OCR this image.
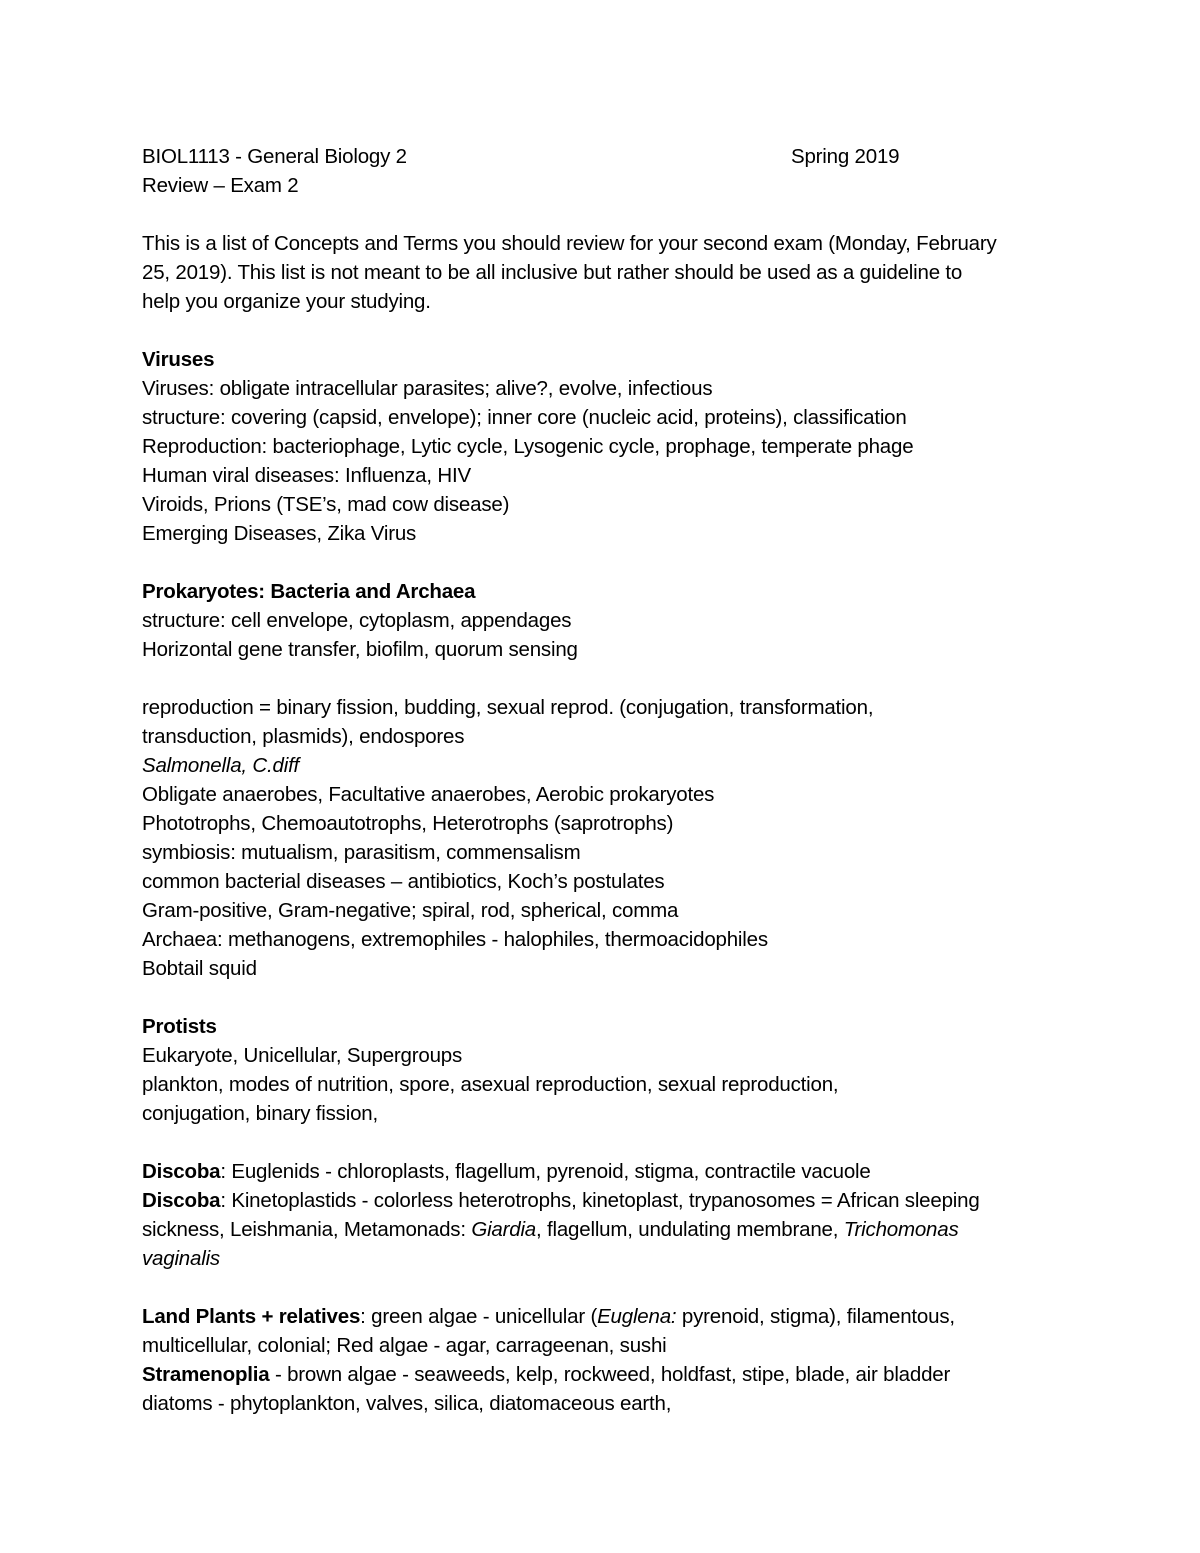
BIOL1113 - General Biology 2	Spring 2019
Review – Exam 2
This is a list of Concepts and Terms you should review for your second exam (Monday, February
25, 2019). This list is not meant to be all inclusive but rather should be used as a guideline to
help you organize your studying.
Viruses
Viruses: obligate intracellular parasites; alive?, evolve, infectious
structure: covering (capsid, envelope); inner core (nucleic acid, proteins), classification
Reproduction: bacteriophage, Lytic cycle, Lysogenic cycle, prophage, temperate phage
Human viral diseases: Influenza, HIV
Viroids, Prions (TSE’s, mad cow disease)
Emerging Diseases, Zika Virus
Prokaryotes: Bacteria and Archaea
structure: cell envelope, cytoplasm, appendages
Horizontal gene transfer, biofilm, quorum sensing
reproduction = binary fission, budding, sexual reprod. (conjugation, transformation,
transduction, plasmids), endospores
Salmonella, C.diff
Obligate anaerobes, Facultative anaerobes, Aerobic prokaryotes
Phototrophs, Chemoautotrophs, Heterotrophs (saprotrophs)
symbiosis: mutualism, parasitism, commensalism
common bacterial diseases – antibiotics, Koch’s postulates
Gram-positive, Gram-negative; spiral, rod, spherical, comma
Archaea: methanogens, extremophiles - halophiles, thermoacidophiles
Bobtail squid
Protists
Eukaryote, Unicellular, Supergroups
plankton, modes of nutrition, spore, asexual reproduction, sexual reproduction,
conjugation, binary fission,
Discoba: Euglenids - chloroplasts, flagellum, pyrenoid, stigma, contractile vacuole
Discoba: Kinetoplastids - colorless heterotrophs, kinetoplast, trypanosomes = African sleeping
sickness, Leishmania, Metamonads: Giardia, flagellum, undulating membrane, Trichomonas
vaginalis
Land Plants + relatives: green algae - unicellular (Euglena: pyrenoid, stigma), filamentous,
multicellular, colonial; Red algae - agar, carrageenan, sushi
Stramenoplia - brown algae - seaweeds, kelp, rockweed, holdfast, stipe, blade, air bladder
diatoms - phytoplankton, valves, silica, diatomaceous earth,
